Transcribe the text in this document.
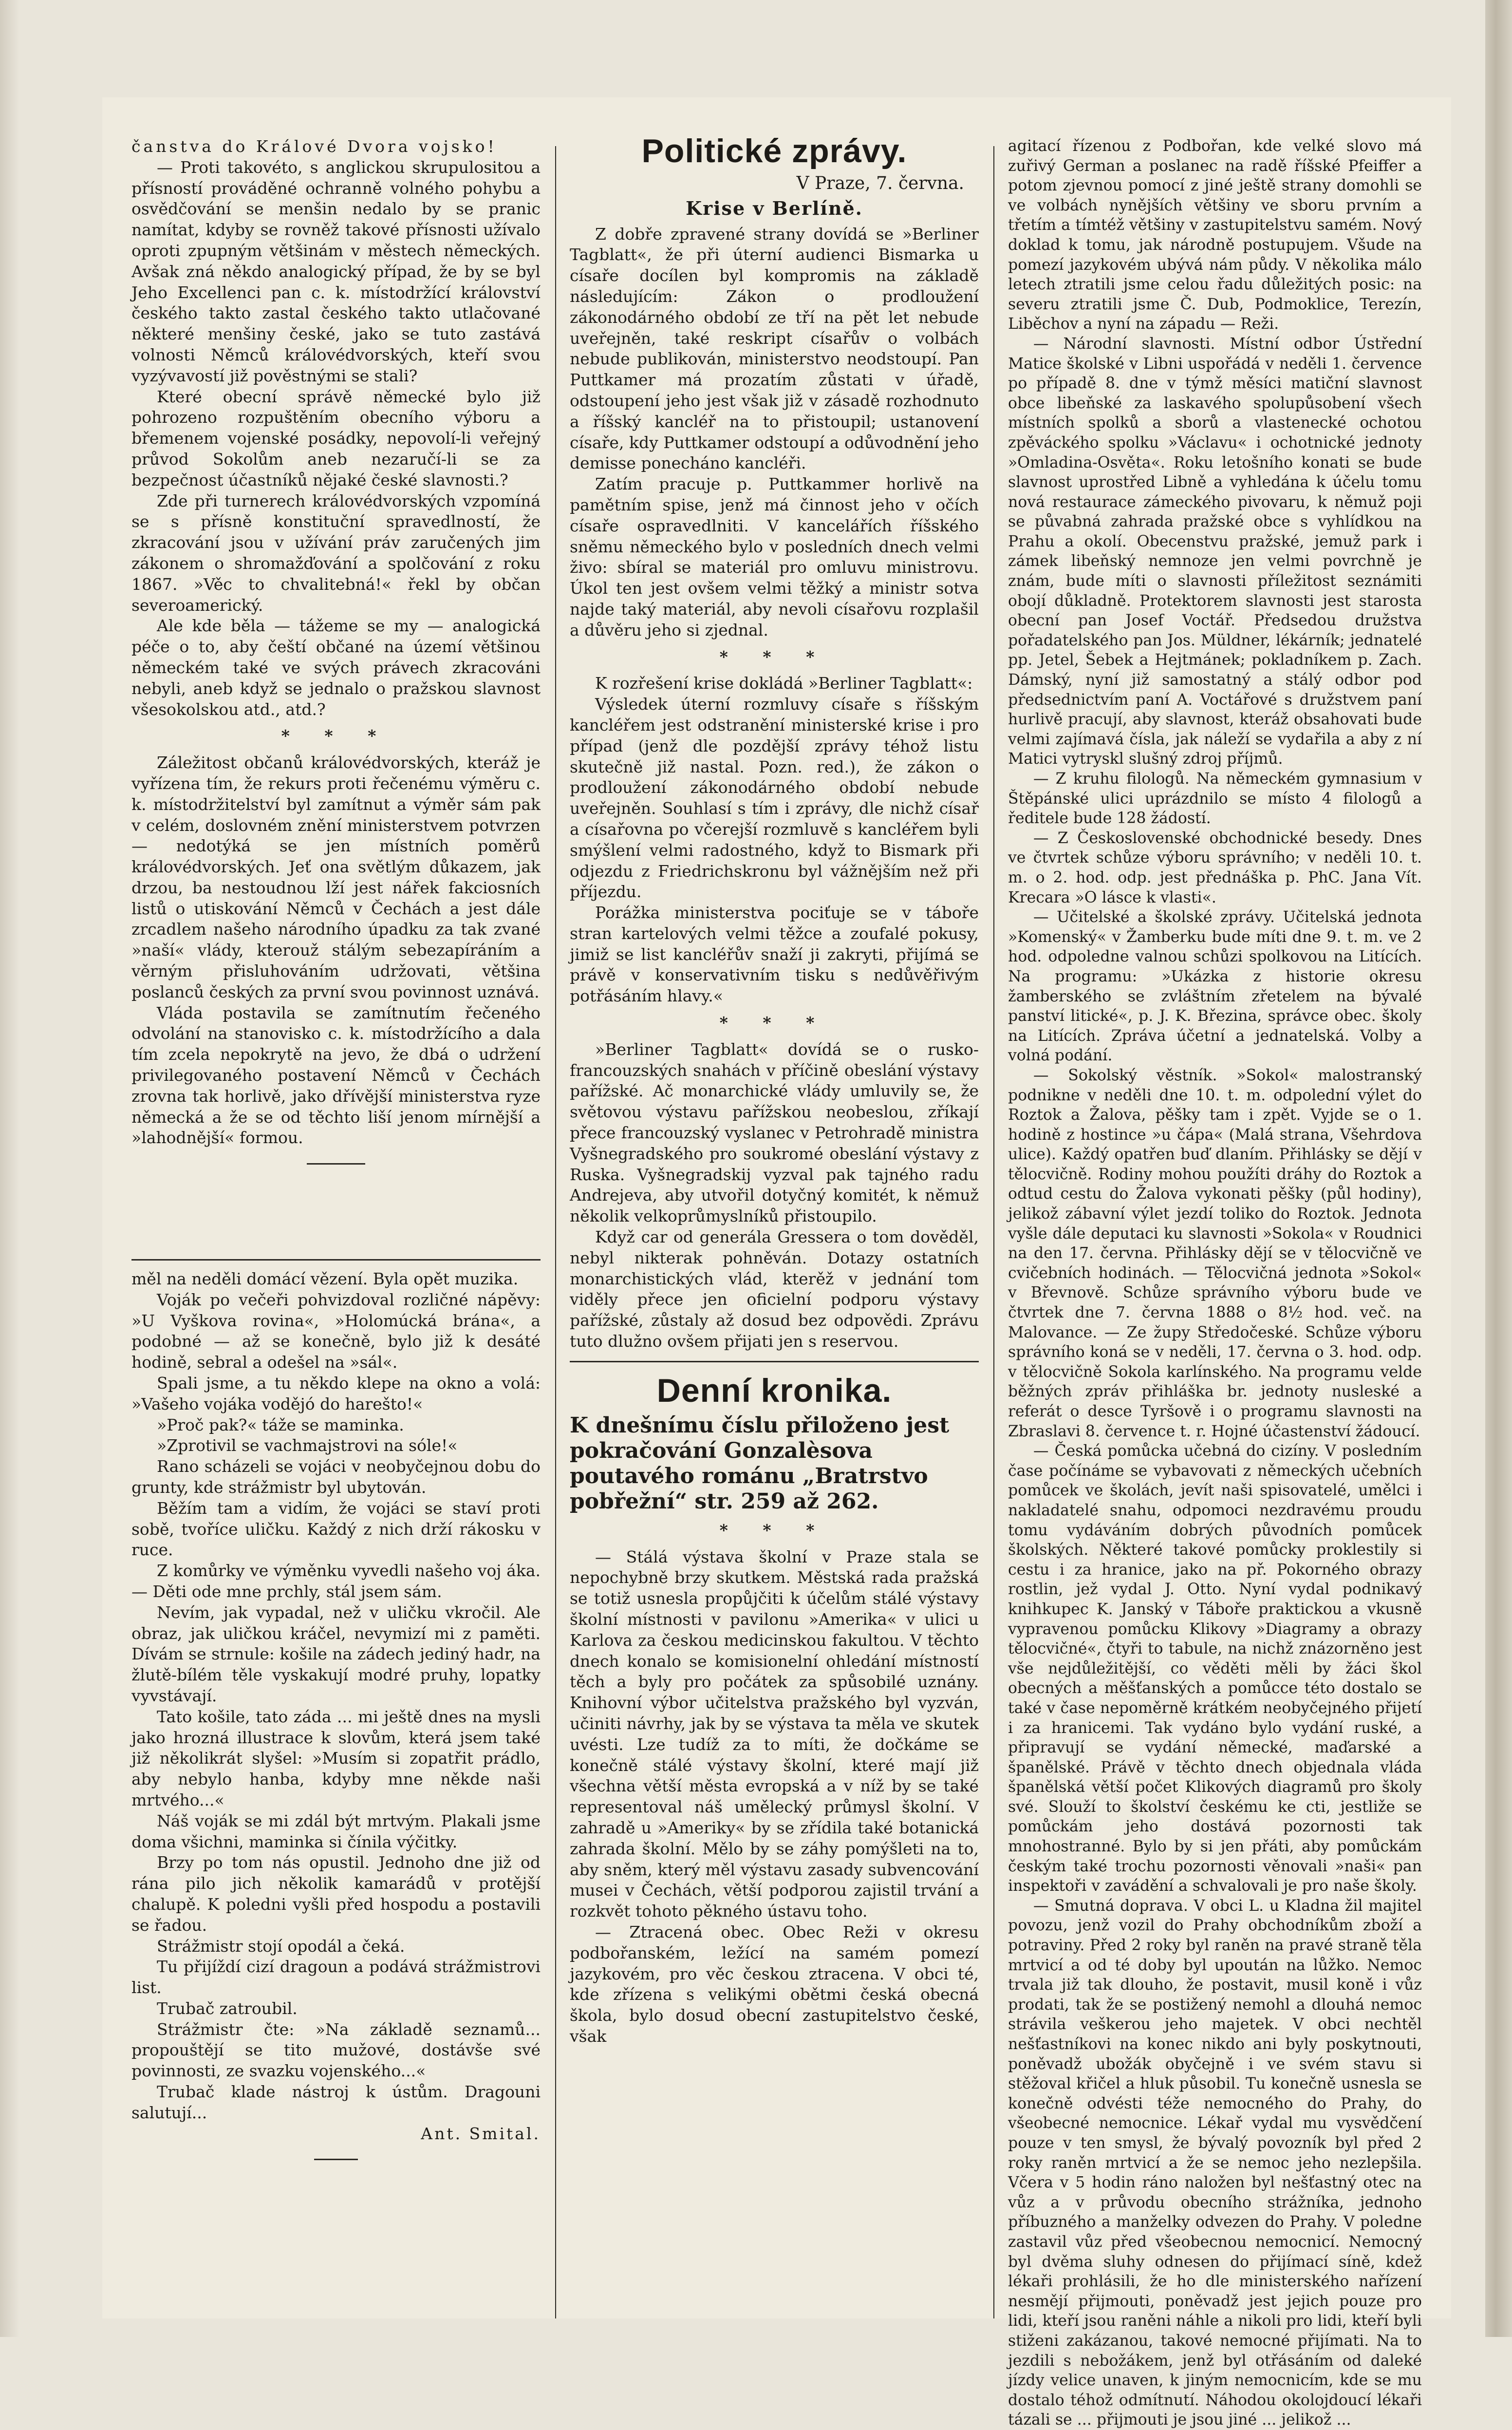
čanstva do Králové Dvora vojsko!

— Proti takovéto, s anglickou skrupulositou a přísností prováděné ochranně volného pohybu a osvědčování se menšin nedalo by se pranic namítat, kdyby se rovněž takové přísnosti užívalo oproti zpupným většinám v městech německých. Avšak zná někdo analogický případ, že by se byl Jeho Excellenci pan c. k. místodržící království českého takto zastal českého takto utlačované některé menšiny české, jako se tuto zastává volnosti Němců královédvorských, kteří svou vyzývavostí již pověstnými se stali?

Které obecní správě německé bylo již pohrozeno rozpuštěním obecního výboru a břemenem vojenské posádky, nepovolí-li veřejný průvod Sokolům aneb nezaručí-li se za bezpečnost účastníků nějaké české slavnosti.?

Zde při turnerech královédvorských vzpomíná se s přísně konstituční spravedlností, že zkracování jsou v užívání práv zaručených jim zákonem o shromažďování a spolčování z roku 1867. »Věc to chvalitebná!« řekl by občan severoamerický.

Ale kde běla — tážeme se my — analogická péče o to, aby čeští občané na území většinou německém také ve svých právech zkracováni nebyli, aneb když se jednalo o pražskou slavnost všesokolskou atd., atd.?

* * *

Záležitost občanů královédvorských, kteráž je vyřízena tím, že rekurs proti řečenému výměru c. k. místodržitelství byl zamítnut a výměr sám pak v celém, doslovném znění ministerstvem potvrzen — nedotýká se jen místních poměrů královédvorských. Jeť ona světlým důkazem, jak drzou, ba nestoudnou lží jest nářek fakciosních listů o utiskování Němců v Čechách a jest dále zrcadlem našeho národního úpadku za tak zvané »naší« vlády, kterouž stálým sebezapíráním a věrným přisluhováním udržovati, většina poslanců českých za první svou povinnost uznává.

Vláda postavila se zamítnutím řečeného odvolání na stanovisko c. k. místodržícího a dala tím zcela nepokrytě na jevo, že dbá o udržení privilegovaného postavení Němců v Čechách zrovna tak horlivě, jako dřívější ministerstva ryze německá a že se od těchto liší jenom mírnější a »lahodnější« formou.

měl na neděli domácí vězení. Byla opět muzika.

Voják po večeři pohvizdoval rozličné nápěvy: »U Vyškova rovina«, »Holomúcká brána«, a podobné — až se konečně, bylo již k desáté hodině, sebral a odešel na »sál«.

Spali jsme, a tu někdo klepe na okno a volá: »Vašeho vojáka vodějó do harešto!«

»Proč pak?« táže se maminka.

»Zprotivil se vachmajstrovi na sóle!«

Rano scházeli se vojáci v neobyčejnou dobu do grunty, kde strážmistr byl ubytován.

Běžím tam a vidím, že vojáci se staví proti sobě, tvoříce uličku. Každý z nich drží rákosku v ruce.

Z komůrky ve výměnku vyvedli našeho voj áka. — Děti ode mne prchly, stál jsem sám.

Nevím, jak vypadal, než v uličku vkročil. Ale obraz, jak uličkou kráčel, nevymizí mi z paměti. Dívám se strnule: košile na zádech jediný hadr, na žlutě-bílém těle vyskakují modré pruhy, lopatky vyvstávají.

Tato košile, tato záda ... mi ještě dnes na mysli jako hrozná illustrace k slovům, která jsem také již několikrát slyšel: »Musím si zopatřit prádlo, aby nebylo hanba, kdyby mne někde naši mrtvého...«

Náš voják se mi zdál být mrtvým. Plakali jsme doma všichni, maminka si čínila výčitky.

Brzy po tom nás opustil. Jednoho dne již od rána pilo jich několik kamarádů v protější chalupě. K poledni vyšli před hospodu a postavili se řadou.

Strážmistr stojí opodál a čeká.

Tu přijíždí cizí dragoun a podává strážmistrovi list.

Trubač zatroubil.

Strážmistr čte: »Na základě seznamů... propouštějí se tito mužové, dostávše své povinnosti, ze svazku vojenského...«

Trubač klade nástroj k ústům. Dragouni salutují...

Ant. Smital.

Politické zprávy.
V Praze, 7. června.
Krise v Berlíně.

Z dobře zpravené strany dovídá se »Berliner Tagblatt«, že při úterní audienci Bismarka u císaře docílen byl kompromis na základě následujícím: Zákon o prodloužení zákonodárného období ze tří na pět let nebude uveřejněn, také reskript císařův o volbách nebude publikován, ministerstvo neodstoupí. Pan Puttkamer má prozatím zůstati v úřadě, odstoupení jeho jest však již v zásadě rozhodnuto a říšský kancléř na to přistoupil; ustanovení císaře, kdy Puttkamer odstoupí a odůvodnění jeho demisse ponecháno kancléři.

Zatím pracuje p. Puttkammer horlivě na pamětním spise, jenž má činnost jeho v očích císaře ospravedlniti. V kancelářích říšského sněmu německého bylo v posledních dnech velmi živo: sbíral se materiál pro omluvu ministrovu. Úkol ten jest ovšem velmi těžký a ministr sotva najde taký materiál, aby nevoli císařovu rozplašil a důvěru jeho si zjednal.

* * *

K rozřešení krise dokládá »Berliner Tagblatt«:

Výsledek úterní rozmluvy císaře s říšským kancléřem jest odstranění ministerské krise i pro případ (jenž dle pozdější zprávy téhož listu skutečně již nastal. Pozn. red.), že zákon o prodloužení zákonodárného období nebude uveřejněn. Souhlasí s tím i zprávy, dle nichž císař a císařovna po včerejší rozmluvě s kancléřem byli smýšlení velmi radostného, když to Bismark při odjezdu z Friedrichskronu byl vážnějším než při příjezdu.

Porážka ministerstva pociťuje se v táboře stran kartelových velmi těžce a zoufalé pokusy, jimiž se list kancléřův snaží ji zakryti, přijímá se právě v konservativním tisku s nedůvěřivým potřásáním hlavy.«

* * *

»Berliner Tagblatt« dovídá se o rusko-francouzských snahách v příčině obeslání výstavy pařížské. Ač monarchické vlády umluvily se, že světovou výstavu pařížskou neobeslou, zříkají přece francouzský vyslanec v Petrohradě ministra Vyšnegradského pro soukromé obeslání výstavy z Ruska. Vyšnegradskij vyzval pak tajného radu Andrejeva, aby utvořil dotyčný komitét, k němuž několik velkoprůmyslníků přistoupilo.

Když car od generála Gressera o tom dověděl, nebyl nikterak pohněván. Dotazy ostatních monarchistických vlád, kterěž v jednání tom viděly přece jen oficielní podporu výstavy pařížské, zůstaly až dosud bez odpovědi. Zprávu tuto dlužno ovšem přijati jen s reservou.

Denní kronika.

K dnešnímu číslu přiloženo jest pokračování Gonzalèsova poutavého románu „Bratrstvo pobřežní“ str. 259 až 262.

* * *

— Stálá výstava školní v Praze stala se nepochybně brzy skutkem. Městská rada pražská se totiž usnesla propůjčiti k účelům stálé výstavy školní místnosti v pavilonu »Amerika« v ulici u Karlova za českou medicinskou fakultou. V těchto dnech konalo se komisionelní ohledání místností těch a byly pro počátek za spůsobilé uznány. Knihovní výbor učitelstva pražského byl vyzván, učiniti návrhy, jak by se výstava ta měla ve skutek uvésti. Lze tudíž za to míti, že dočkáme se konečně stálé výstavy školní, které mají již všechna větší města evropská a v níž by se také representoval náš umělecký průmysl školní. V zahradě u »Ameriky« by se zřídila také botanická zahrada školní. Mělo by se záhy pomýšleti na to, aby sněm, který měl výstavu zasady subvencování musei v Čechách, větší podporou zajistil trvání a rozkvět tohoto pěkného ústavu toho.

— Ztracená obec. Obec Reži v okresu podbořanském, ležící na samém pomezí jazykovém, pro věc českou ztracena. V obci té, kde zřízena s velikými obětmi česká obecná škola, bylo dosud obecní zastupitelstvo české, však

agitací řízenou z Podbořan, kde velké slovo má zuřivý German a poslanec na radě říšské Pfeiffer a potom zjevnou pomocí z jiné ještě strany domohli se ve volbách nynějších většiny ve sboru prvním a třetím a tímtéž většiny v zastupitelstvu samém. Nový doklad k tomu, jak národně postupujem. Všude na pomezí jazykovém ubývá nám půdy. V několika málo letech ztratili jsme celou řadu důležitých posic: na severu ztratili jsme Č. Dub, Podmoklice, Terezín, Liběchov a nyní na západu — Reži.

— Národní slavnosti. Místní odbor Ústřední Matice školské v Libni uspořádá v neděli 1. července po případě 8. dne v týmž měsíci matiční slavnost obce libeňské za laskavého spolupůsobení všech místních spolků a sborů a vlastenecké ochotou zpěváckého spolku »Václavu« i ochotnické jednoty »Omladina-Osvěta«. Roku letošního konati se bude slavnost uprostřed Libně a vyhledána k účelu tomu nová restaurace zámeckého pivovaru, k němuž poji se půvabná zahrada pražské obce s vyhlídkou na Prahu a okolí. Obecenstvu pražské, jemuž park i zámek libeňský nemnoze jen velmi povrchně je znám, bude míti o slavnosti příležitost seznámiti obojí důkladně. Protektorem slavnosti jest starosta obecní pan Josef Voctář. Předsedou družstva pořadatelského pan Jos. Müldner, lékárník; jednatelé pp. Jetel, Šebek a Hejtmánek; pokladníkem p. Zach. Dámský, nyní již samostatný a stálý odbor pod předsednictvím paní A. Voctářové s družstvem paní hurlivě pracují, aby slavnost, kteráž obsahovati bude velmi zajímavá čísla, jak náleží se vydařila a aby z ní Matici vytryskl slušný zdroj příjmů.

— Z kruhu filologů. Na německém gymnasium v Štěpánské ulici uprázdnilo se místo 4 filologů a ředitele bude 128 žádostí.

— Z Československé obchodnické besedy. Dnes ve čtvrtek schůze výboru správního; v neděli 10. t. m. o 2. hod. odp. jest přednáška p. PhC. Jana Vít. Krecara »O lásce k vlasti«.

— Učitelské a školské zprávy. Učitelská jednota »Komenský« v Žamberku bude míti dne 9. t. m. ve 2 hod. odpoledne valnou schůzi spolkovou na Litících. Na programu: »Ukázka z historie okresu žamberského se zvláštním zřetelem na bývalé panství litické«, p. J. K. Březina, správce obec. školy na Litících. Zpráva účetní a jednatelská. Volby a volná podání.

— Sokolský věstník. »Sokol« malostranský podnikne v neděli dne 10. t. m. odpolední výlet do Roztok a Žalova, pěšky tam i zpět. Vyjde se o 1. hodině z hostince »u čápa« (Malá strana, Všehrdova ulice). Každý opatřen buď dlaním. Přihlásky se dějí v tělocvičně. Rodiny mohou použíti dráhy do Roztok a odtud cestu do Žalova vykonati pěšky (půl hodiny), jelikož zábavní výlet jezdí toliko do Roztok. Jednota vyšle dále deputaci ku slavnosti »Sokola« v Roudnici na den 17. června. Přihlásky dějí se v tělocvičně ve cvičebních hodinách. — Tělocvičná jednota »Sokol« v Břevnově. Schůze správního výboru bude ve čtvrtek dne 7. června 1888 o 8½ hod. več. na Malovance. — Ze župy Středočeské. Schůze výboru správního koná se v neděli, 17. června o 3. hod. odp. v tělocvičně Sokola karlínského. Na programu velde běžných zpráv přihláška br. jednoty nusleské a referát o desce Tyršově i o programu slavnosti na Zbraslavi 8. července t. r. Hojné účastenství žádoucí.

— Česká pomůcka učebná do cizíny. V posledním čase počínáme se vybavovati z německých učebních pomůcek ve školách, jevít naši spisovatelé, umělci i nakladatelé snahu, odpomoci nezdravému proudu tomu vydáváním dobrých původních pomůcek školských. Některé takové pomůcky proklestily si cestu i za hranice, jako na př. Pokorného obrazy rostlin, jež vydal J. Otto. Nyní vydal podnikavý knihkupec K. Janský v Táboře praktickou a vkusně vypravenou pomůcku Klikovy »Diagramy a obrazy tělocvičné«, čtyři to tabule, na nichž znázorněno jest vše nejdůležitější, co věděti měli by žáci škol obecných a měšťanských a pomůcce této dostalo se také v čase nepoměrně krátkém neobyčejného přijetí i za hranicemi. Tak vydáno bylo vydání ruské, a připravují se vydání německé, maďarské a španělské. Právě v těchto dnech objednala vláda španělská větší počet Klikových diagramů pro školy své. Slouží to školství českému ke cti, jestliže se pomůckám jeho dostává pozornosti tak mnohostranné. Bylo by si jen přáti, aby pomůckám českým také trochu pozornosti věnovali »naši« pan inspektoři v zavádění a schvalovali je pro naše školy.

— Smutná doprava. V obci L. u Kladna žil majitel povozu, jenž vozil do Prahy obchodníkům zboží a potraviny. Před 2 roky byl raněn na pravé straně těla mrtvicí a od té doby byl upoután na lůžko. Nemoc trvala již tak dlouho, že postavit, musil koně i vůz prodati, tak že se postižený nemohl a dlouhá nemoc strávila veškerou jeho majetek. V obci nechtěl nešťastníkovi na konec nikdo ani byly poskytnouti, poněvadž ubožák obyčejně i ve svém stavu si stěžoval křičel a hluk působil. Tu konečně usnesla se konečně odvésti téže nemocného do Prahy, do všeobecné nemocnice. Lékař vydal mu vysvědčení pouze v ten smysl, že bývalý povozník byl před 2 roky raněn mrtvicí a že se nemoc jeho nezlepšila. Včera v 5 hodin ráno naložen byl nešťastný otec na vůz a v průvodu obecního strážníka, jednoho příbuzného a manželky odvezen do Prahy. V poledne zastavil vůz před všeobecnou nemocnicí. Nemocný byl dvěma sluhy odnesen do přijímací síně, kdež lékaři prohlásili, že ho dle ministerského nařízení nesmějí přijmouti, poněvadž jest jejich pouze pro lidi, kteří jsou raněni náhle a nikoli pro lidi, kteří byli stiženi zakázanou, takové nemocné přijímati. Na to jezdili s nebožákem, jenž byl otřásáním od daleké jízdy velice unaven, k jiným nemocnicím, kde se mu dostalo téhož odmítnutí. Náhodou okolojdoucí lékaři tázali se ... přijmouti je jsou jiné ... jelikož ...
